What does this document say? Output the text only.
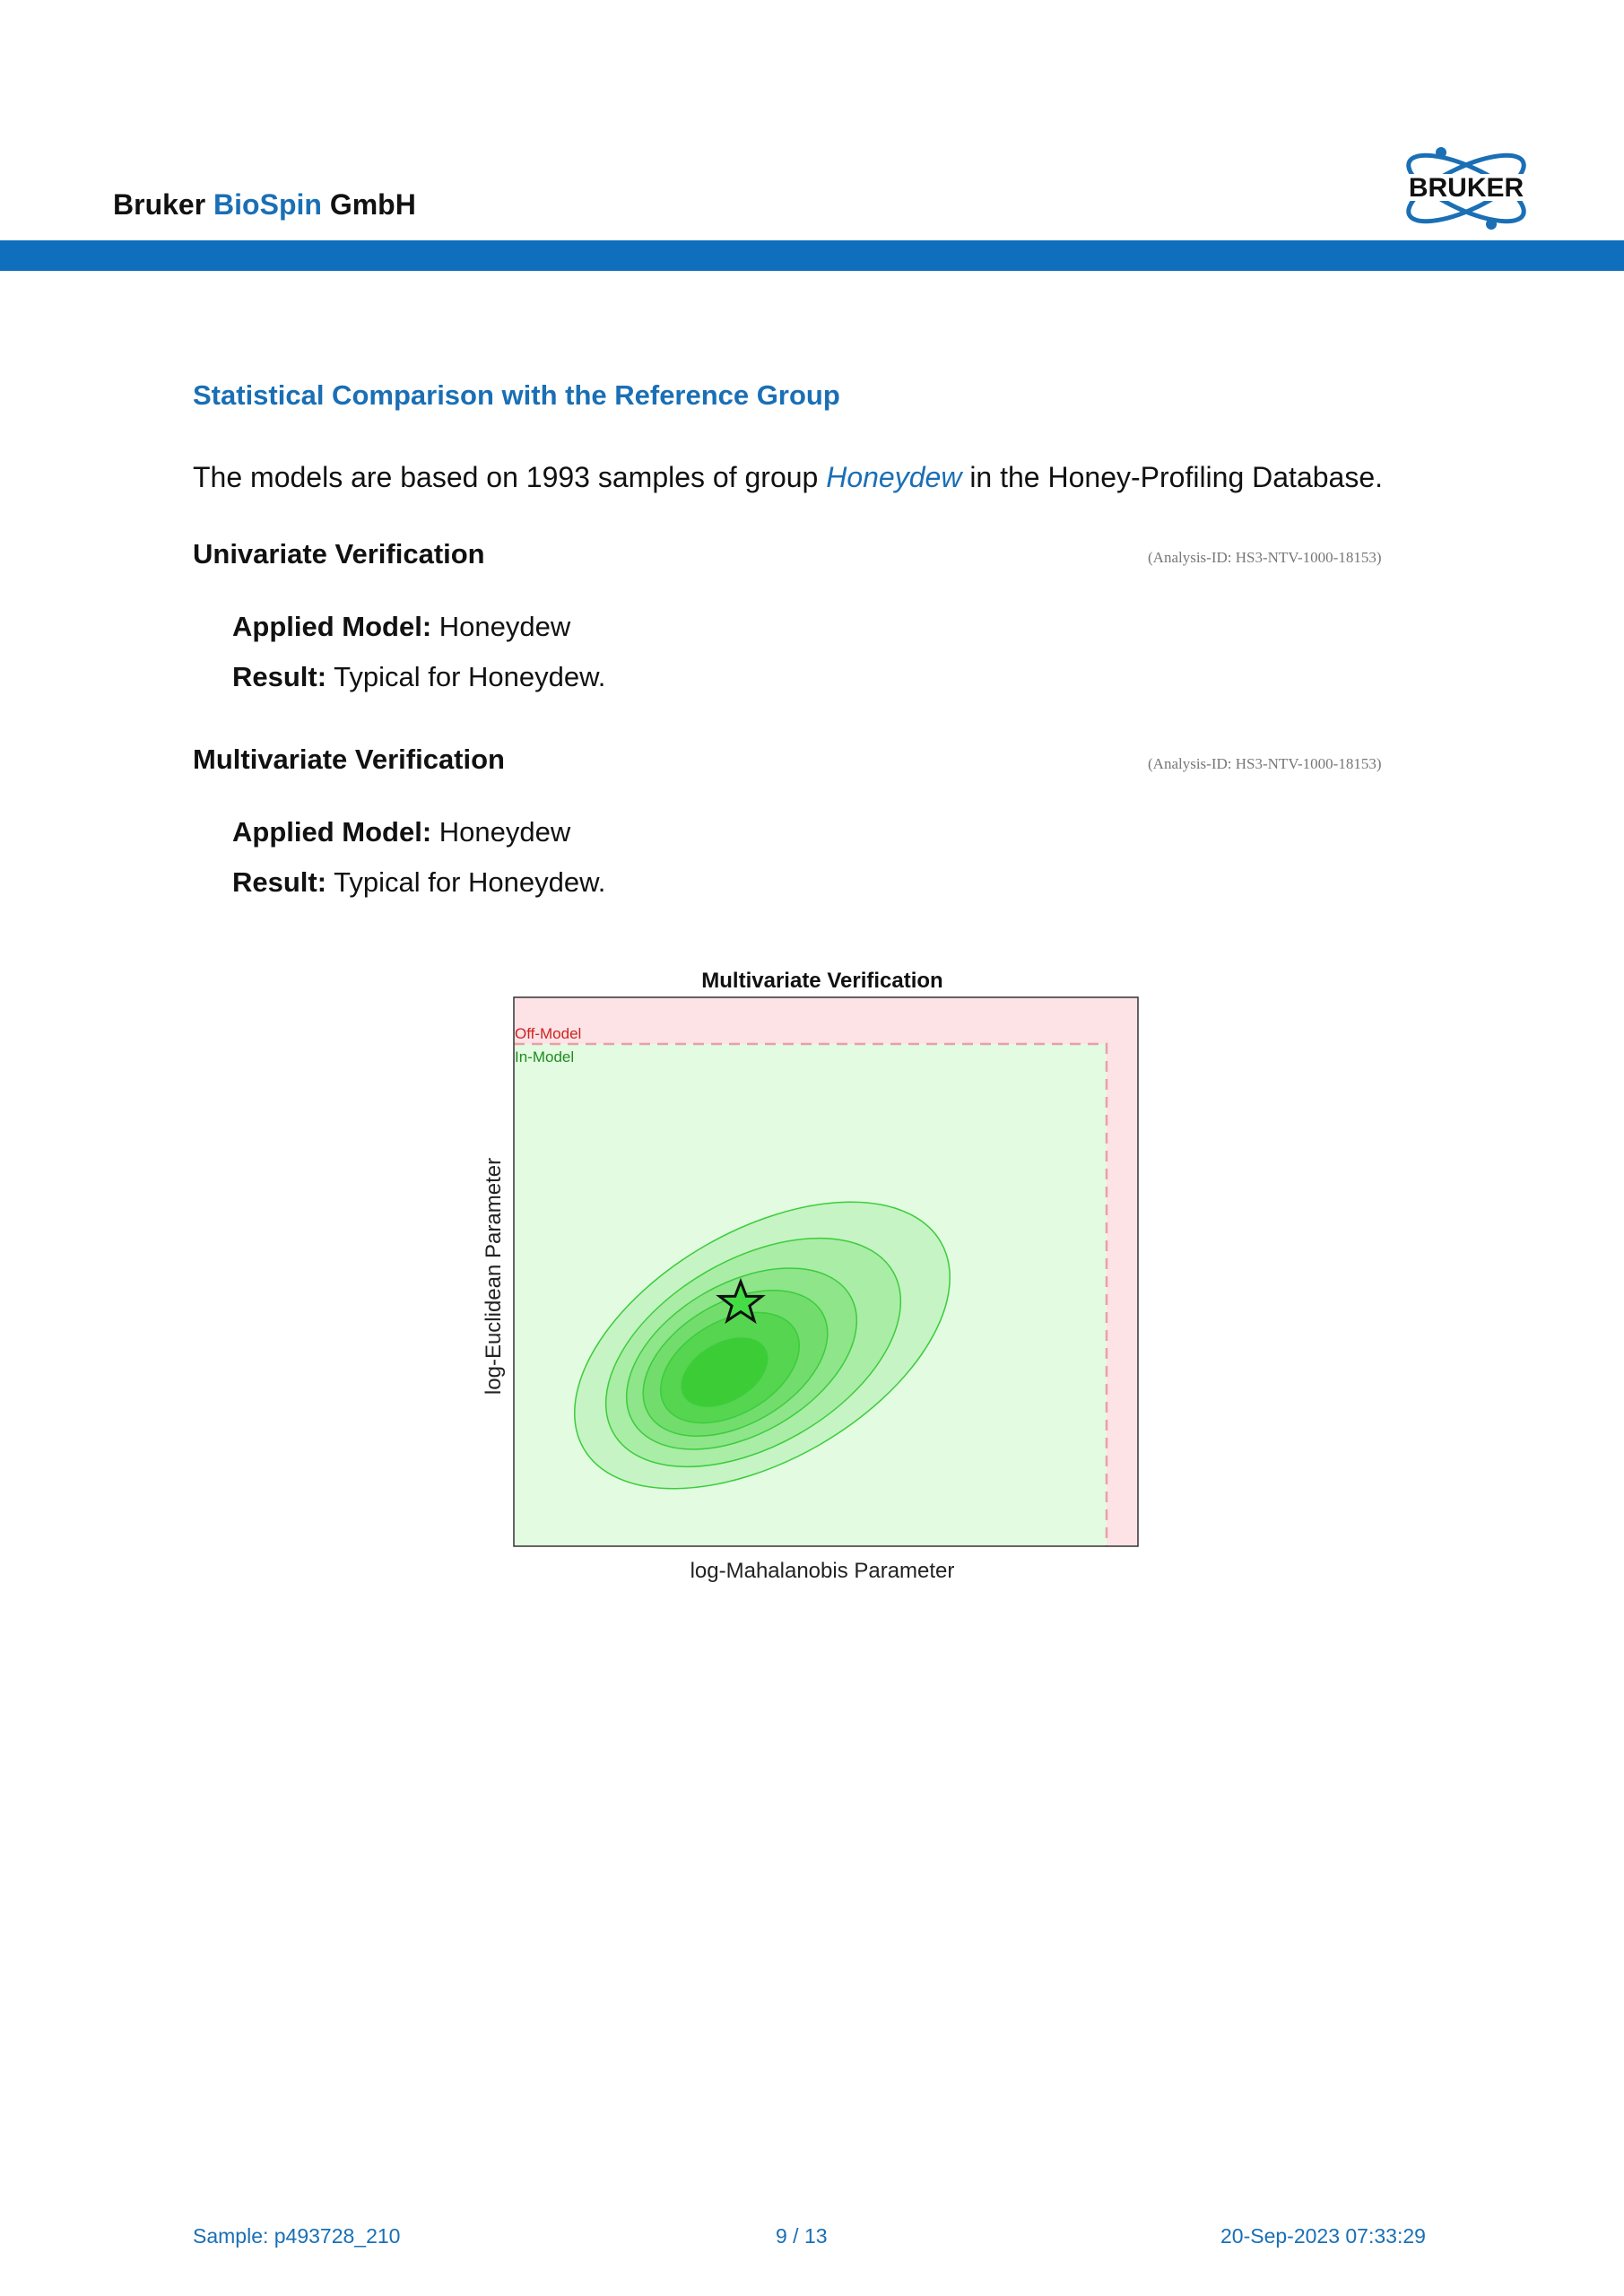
Bruker BioSpin GmbH
BRUKER
Statistical Comparison with the Reference Group
The models are based on 1993 samples of group Honeydew in the Honey-Profiling Database.
Univariate Verification	(Analysis-ID: HS3-NTV-1000-18153)
Applied Model: Honeydew
Result: Typical for Honeydew.
Multivariate Verification	(Analysis-ID: HS3-NTV-1000-18153)
Applied Model: Honeydew
Result: Typical for Honeydew.
Multivariate Verification
Off-Model
In-Model
log-Mahalanobis Parameter
log-Euclidean Parameter
Sample: p493728_210	9 / 13	20-Sep-2023 07:33:29
